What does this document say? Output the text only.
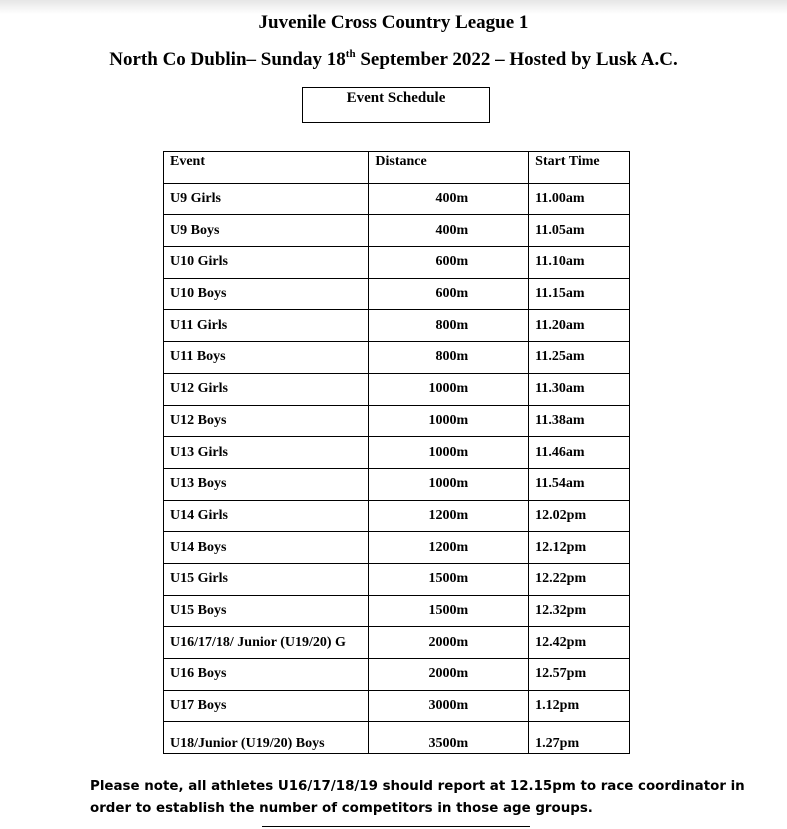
Juvenile Cross Country League 1
North Co Dublin– Sunday 18th September 2022 – Hosted by Lusk A.C.
Event Schedule
Event	Distance	Start Time
U9 Girls	400m	11.00am
U9 Boys	400m	11.05am
U10 Girls	600m	11.10am
U10 Boys	600m	11.15am
U11 Girls	800m	11.20am
U11 Boys	800m	11.25am
U12 Girls	1000m	11.30am
U12 Boys	1000m	11.38am
U13 Girls	1000m	11.46am
U13 Boys	1000m	11.54am
U14 Girls	1200m	12.02pm
U14 Boys	1200m	12.12pm
U15 Girls	1500m	12.22pm
U15 Boys	1500m	12.32pm
U16/17/18/ Junior (U19/20) G	2000m	12.42pm
U16 Boys	2000m	12.57pm
U17 Boys	3000m	1.12pm
U18/Junior (U19/20) Boys	3500m	1.27pm
Please note, all athletes U16/17/18/19 should report at 12.15pm to race coordinator in order to establish the number of competitors in those age groups.
